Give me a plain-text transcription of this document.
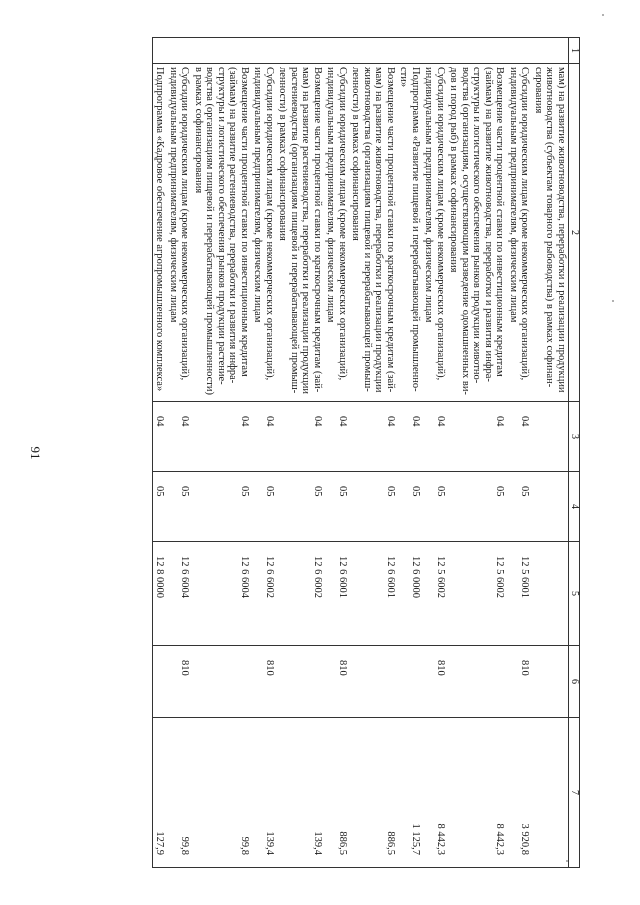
91
1	2	3	4	5	6	7
	мам) на развитие животноводства, переработки и реализации продукции животноводства (субъектам товарного рыбоводства) в рамках софинан-сирования					
	Субсидии юридическим лицам (кроме некоммерческих организаций), индивидуальным предпринимателям, физическим лицам	04	05	12 5 6001	810	3 920,8
	Возмещение части процентной ставки по инвестиционным кредитам (займам) на развитие животноводства, переработки и развития инфра-структуры и логистического обеспечения рынков продукции животно-водства (организациям, осуществляющим разведение одомашненных ви-дов и пород рыб) в рамках софинансирования	04	05	12 5 6002		8 442,3
	Субсидии юридическим лицам (кроме некоммерческих организаций), индивидуальным предпринимателям, физическим лицам	04	05	12 5 6002	810	8 442,3
	Подпрограмма «Развитие пищевой и перерабатывающей промышленно-сти»	04	05	12 6 0000		1 125,7
	Возмещение части процентной ставки по краткосрочным кредитам (зай-мам) на развитие животноводства, переработки и реализации продукции животноводства (организациям пищевой и перерабатывающей промыш-ленности) в рамках софинансирования	04	05	12 6 6001		886,5
	Субсидии юридическим лицам (кроме некоммерческих организаций), индивидуальным предпринимателям, физическим лицам	04	05	12 6 6001	810	886,5
	Возмещение части процентной ставки по краткосрочным кредитам (зай-мам) на развитие растениеводства, переработки и реализации продукции растениеводства (организациям пищевой и перерабатывающей промыш-ленности) в рамках софинансирования	04	05	12 6 6002		139,4
	Субсидии юридическим лицам (кроме некоммерческих организаций), индивидуальным предпринимателям, физическим лицам	04	05	12 6 6002	810	139,4
	Возмещение части процентной ставки по инвестиционным кредитам (займам) на развитие растениеводства, переработки и развития инфра-структуры и логистического обеспечения рынков продукции растение-водства (организациям пищевой и перерабатывающей промышленности) в рамках софинансирования	04	05	12 6 6004		99,8
	Субсидии юридическим лицам (кроме некоммерческих организаций), индивидуальным предпринимателям, физическим лицам	04	05	12 6 6004	810	99,8
	Подпрограмма «Кадровое обеспечение агропромышленного комплекса»	04	05	12 8 0000		127,9
